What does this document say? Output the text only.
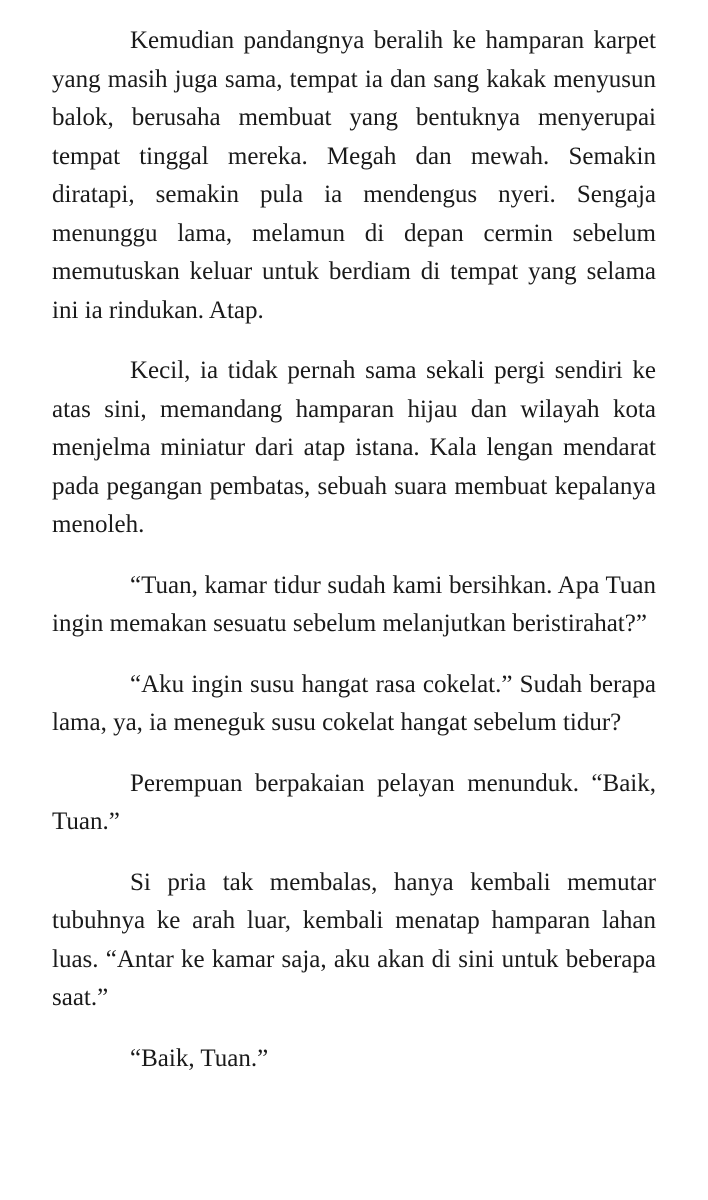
Kemudian pandangnya beralih ke hamparan karpet yang masih juga sama, tempat ia dan sang kakak menyusun balok, berusaha membuat yang bentuknya menyerupai tempat tinggal mereka. Megah dan mewah. Semakin diratapi, semakin pula ia mendengus nyeri. Sengaja menunggu lama, melamun di depan cermin sebelum memutuskan keluar untuk berdiam di tempat yang selama ini ia rindukan. Atap.

Kecil, ia tidak pernah sama sekali pergi sendiri ke atas sini, memandang hamparan hijau dan wilayah kota menjelma miniatur dari atap istana. Kala lengan mendarat pada pegangan pembatas, sebuah suara membuat kepalanya menoleh.

“Tuan, kamar tidur sudah kami bersihkan. Apa Tuan ingin memakan sesuatu sebelum melanjutkan beristirahat?”

“Aku ingin susu hangat rasa cokelat.” Sudah berapa lama, ya, ia meneguk susu cokelat hangat sebelum tidur?

Perempuan berpakaian pelayan menunduk. “Baik, Tuan.”

Si pria tak membalas, hanya kembali memutar tubuhnya ke arah luar, kembali menatap hamparan lahan luas. “Antar ke kamar saja, aku akan di sini untuk beberapa saat.”

“Baik, Tuan.”
